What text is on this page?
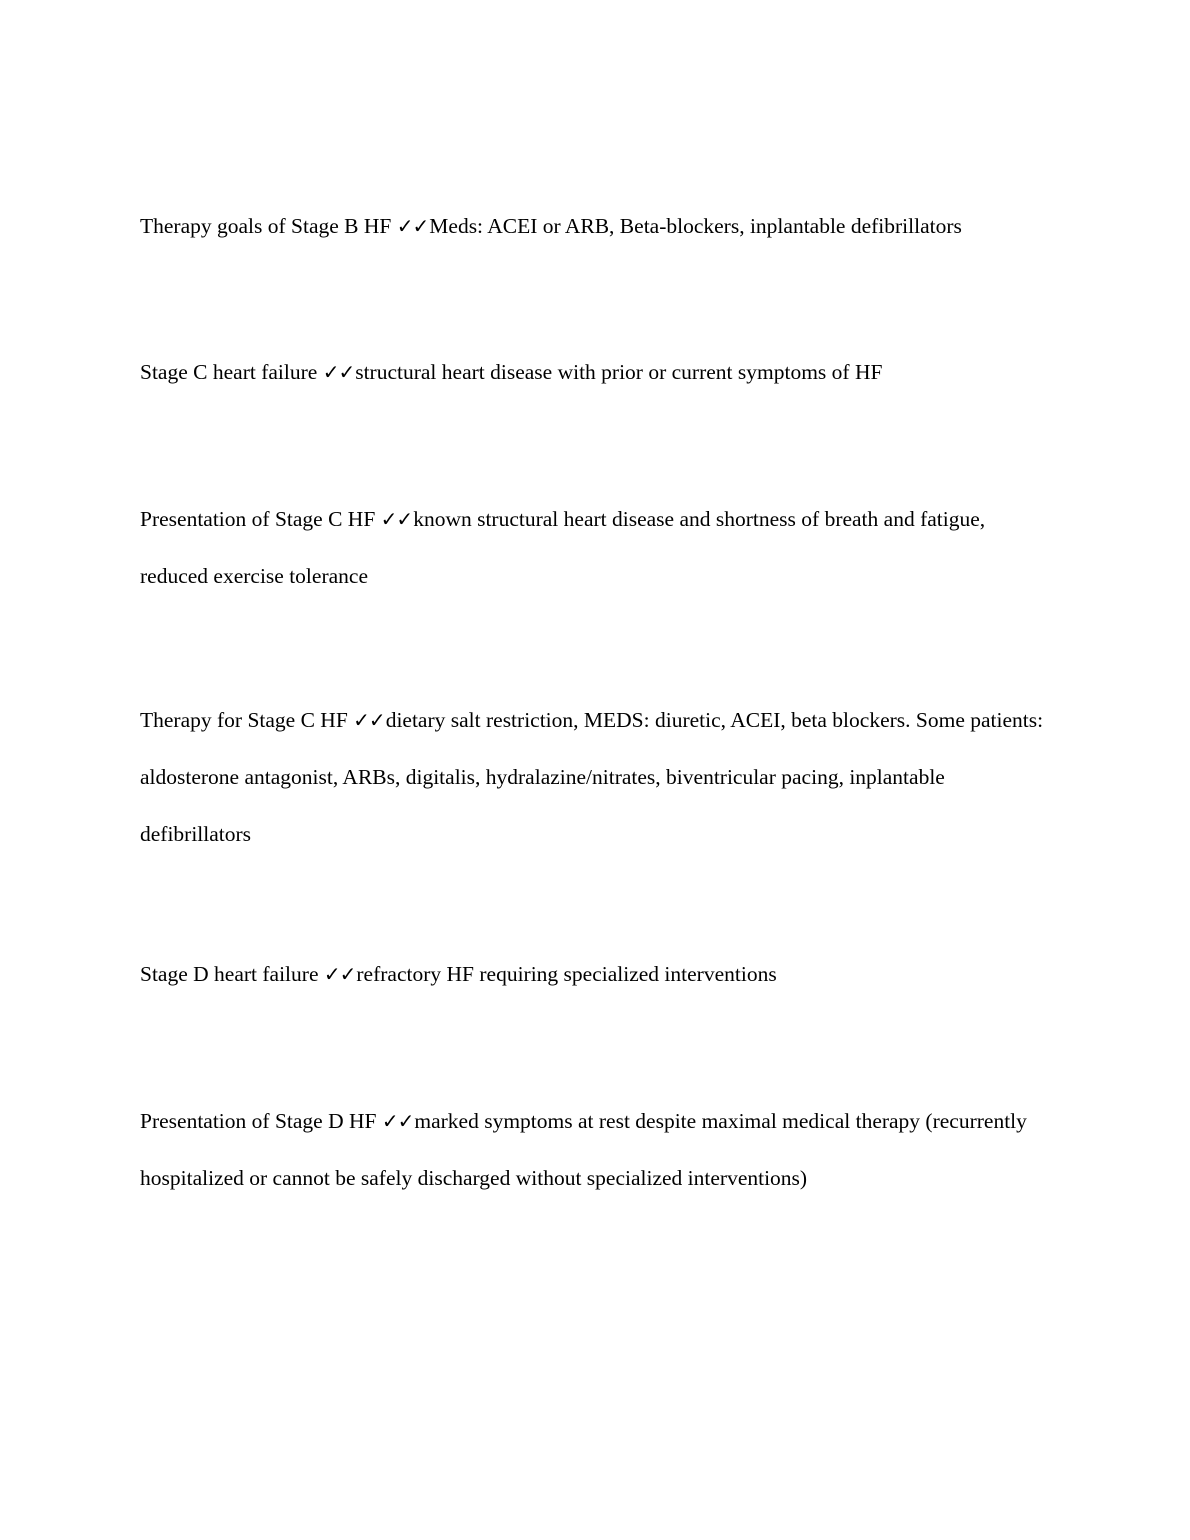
Therapy goals of Stage B HF ✓✓Meds: ACEI or ARB, Beta-blockers, inplantable defibrillators

Stage C heart failure ✓✓structural heart disease with prior or current symptoms of HF

Presentation of Stage C HF ✓✓known structural heart disease and shortness of breath and fatigue, reduced exercise tolerance

Therapy for Stage C HF ✓✓dietary salt restriction, MEDS: diuretic, ACEI, beta blockers. Some patients: aldosterone antagonist, ARBs, digitalis, hydralazine/nitrates, biventricular pacing, inplantable defibrillators

Stage D heart failure ✓✓refractory HF requiring specialized interventions

Presentation of Stage D HF ✓✓marked symptoms at rest despite maximal medical therapy (recurrently hospitalized or cannot be safely discharged without specialized interventions)
